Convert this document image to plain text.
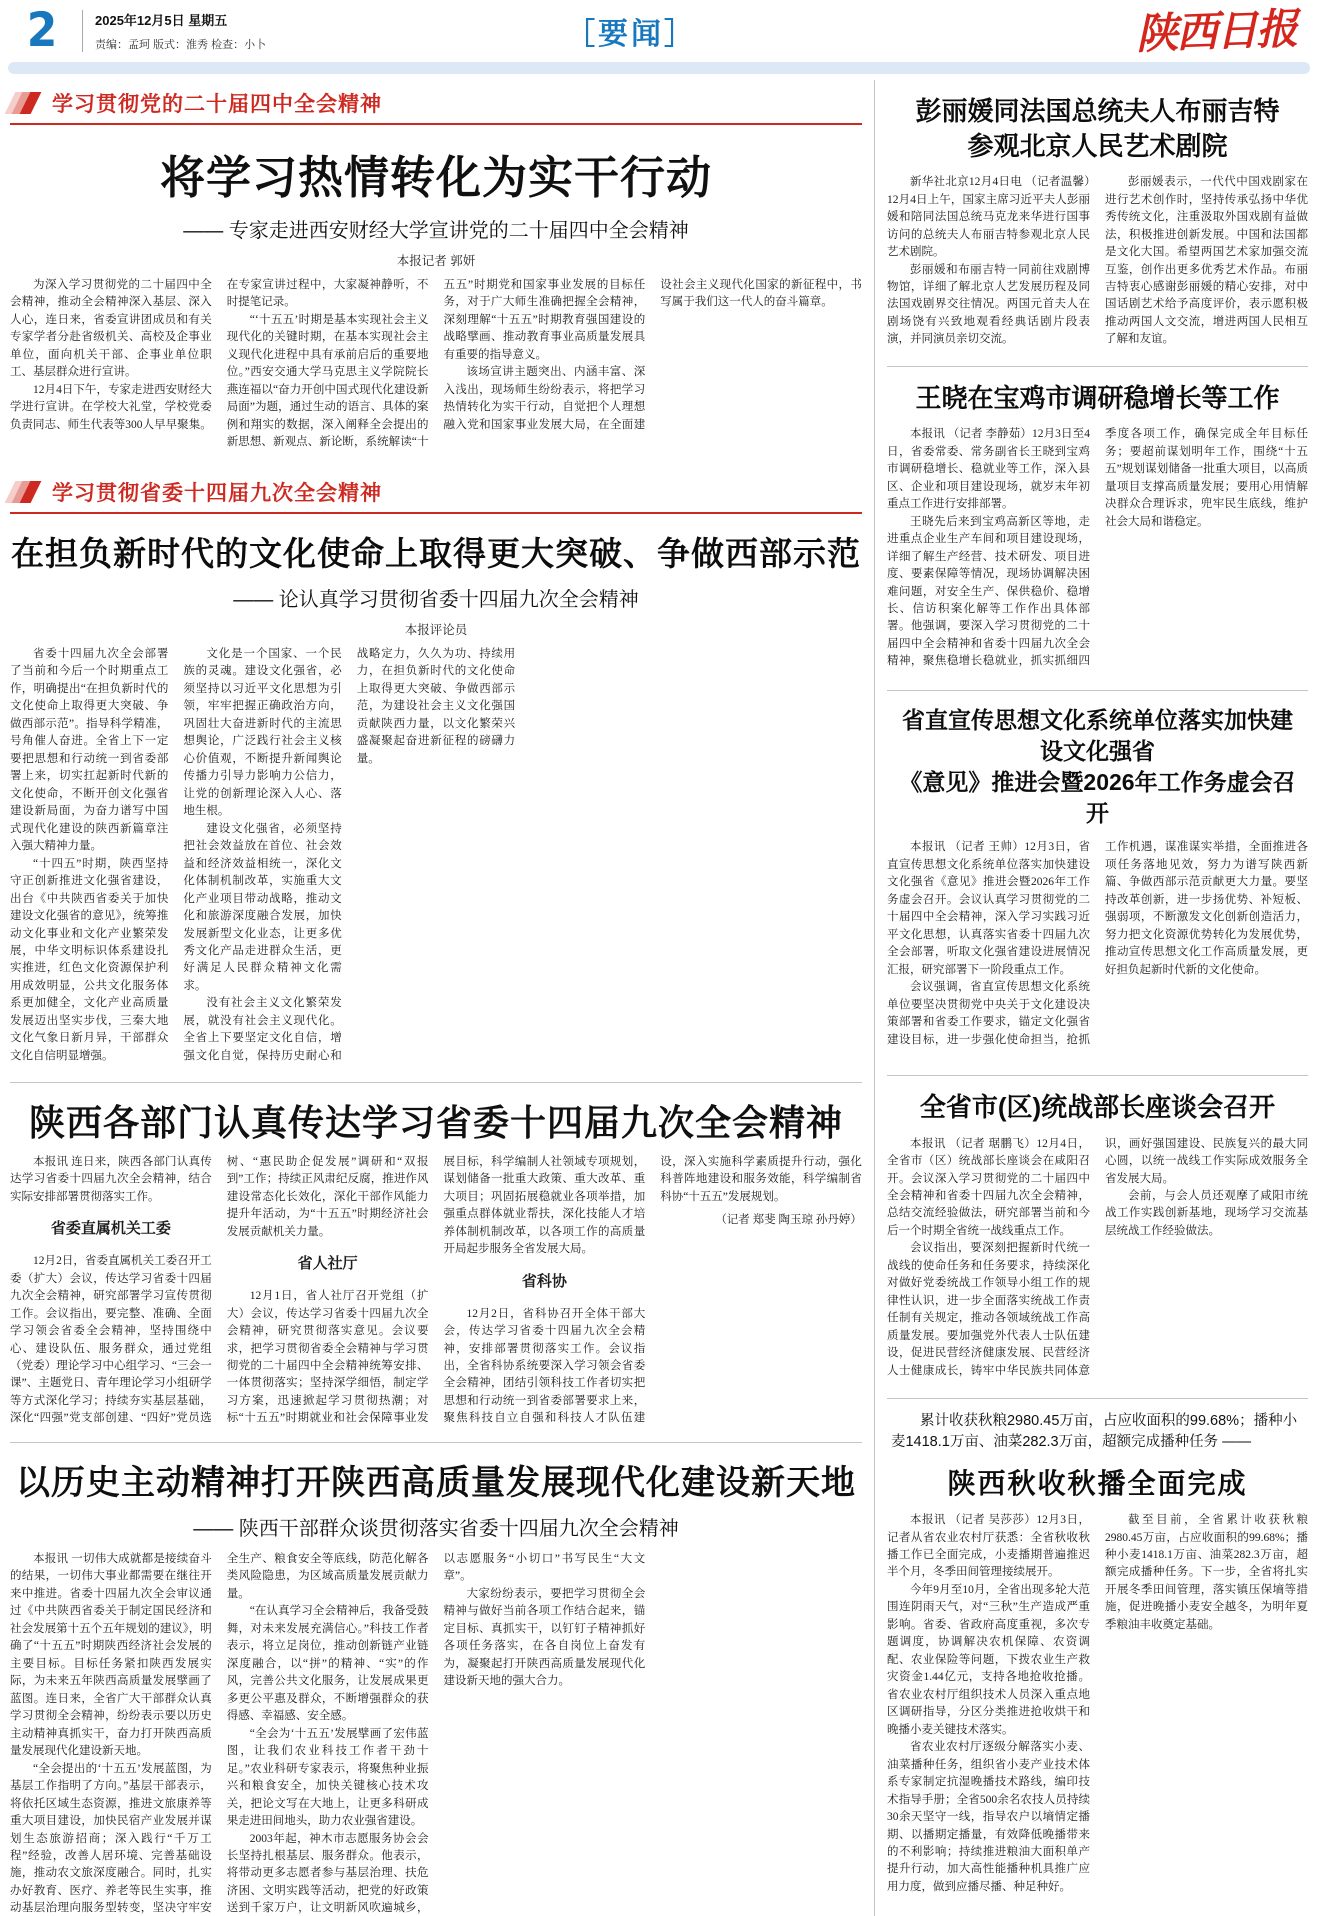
2	2025年12月5日 星期五
责编：孟珂 版式：淮秀 检查：小卜	［要闻］	陕西日报
学习贯彻党的二十届四中全会精神
将学习热情转化为实干行动
—— 专家走进西安财经大学宣讲党的二十届四中全会精神
本报记者 郭妍

为深入学习贯彻党的二十届四中全会精神，推动全会精神深入基层、深入人心，连日来，省委宣讲团成员和有关专家学者分赴省级机关、高校及企事业单位，面向机关干部、企事业单位职工、基层群众进行宣讲。

12月4日下午，专家走进西安财经大学进行宣讲。在学校大礼堂，学校党委负责同志、师生代表等300人早早聚集。在专家宣讲过程中，大家凝神静听，不时提笔记录。

“‘十五五’时期是基本实现社会主义现代化的关键时期，在基本实现社会主义现代化进程中具有承前启后的重要地位。”西安交通大学马克思主义学院院长燕连福以“奋力开创中国式现代化建设新局面”为题，通过生动的语言、具体的案例和翔实的数据，深入阐释全会提出的新思想、新观点、新论断，系统解读“十五五”时期党和国家事业发展的目标任务，对于广大师生准确把握全会精神，深刻理解“十五五”时期教育强国建设的战略擘画、推动教育事业高质量发展具有重要的指导意义。

该场宣讲主题突出、内涵丰富、深入浅出，现场师生纷纷表示，将把学习热情转化为实干行动，自觉把个人理想融入党和国家事业发展大局，在全面建设社会主义现代化国家的新征程中，书写属于我们这一代人的奋斗篇章。

学习贯彻省委十四届九次全会精神
在担负新时代的文化使命上取得更大突破、争做西部示范
—— 论认真学习贯彻省委十四届九次全会精神
本报评论员

省委十四届九次全会部署了当前和今后一个时期重点工作，明确提出“在担负新时代的文化使命上取得更大突破、争做西部示范”。指导科学精准，号角催人奋进。全省上下一定要把思想和行动统一到省委部署上来，切实扛起新时代新的文化使命，不断开创文化强省建设新局面，为奋力谱写中国式现代化建设的陕西新篇章注入强大精神力量。

“十四五”时期，陕西坚持守正创新推进文化强省建设，出台《中共陕西省委关于加快建设文化强省的意见》，统筹推动文化事业和文化产业繁荣发展，中华文明标识体系建设扎实推进，红色文化资源保护利用成效明显，公共文化服务体系更加健全，文化产业高质量发展迈出坚实步伐，三秦大地文化气象日新月异，干部群众文化自信明显增强。

文化是一个国家、一个民族的灵魂。建设文化强省，必须坚持以习近平文化思想为引领，牢牢把握正确政治方向，巩固壮大奋进新时代的主流思想舆论，广泛践行社会主义核心价值观，不断提升新闻舆论传播力引导力影响力公信力，让党的创新理论深入人心、落地生根。

建设文化强省，必须坚持把社会效益放在首位、社会效益和经济效益相统一，深化文化体制机制改革，实施重大文化产业项目带动战略，推动文化和旅游深度融合发展，加快发展新型文化业态，让更多优秀文化产品走进群众生活，更好满足人民群众精神文化需求。

没有社会主义文化繁荣发展，就没有社会主义现代化。全省上下要坚定文化自信，增强文化自觉，保持历史耐心和战略定力，久久为功、持续用力，在担负新时代的文化使命上取得更大突破、争做西部示范，为建设社会主义文化强国贡献陕西力量，以文化繁荣兴盛凝聚起奋进新征程的磅礴力量。

陕西各部门认真传达学习省委十四届九次全会精神

本报讯 连日来，陕西各部门认真传达学习省委十四届九次全会精神，结合实际安排部署贯彻落实工作。

省委直属机关工委

12月2日，省委直属机关工委召开工委（扩大）会议，传达学习省委十四届九次全会精神，研究部署学习宣传贯彻工作。会议指出，要完整、准确、全面学习领会省委全会精神，坚持围绕中心、建设队伍、服务群众，通过党组（党委）理论学习中心组学习、“三会一课”、主题党日、青年理论学习小组研学等方式深化学习；持续夯实基层基础，深化“四强”党支部创建、“四好”党员选树、“惠民助企促发展”调研和“双报到”工作；持续正风肃纪反腐，推进作风建设常态化长效化，深化干部作风能力提升年活动，为“十五五”时期经济社会发展贡献机关力量。

省人社厅

12月1日，省人社厅召开党组（扩大）会议，传达学习省委十四届九次全会精神，研究贯彻落实意见。会议要求，把学习贯彻省委全会精神与学习贯彻党的二十届四中全会精神统筹安排、一体贯彻落实；坚持深学细悟，制定学习方案，迅速掀起学习贯彻热潮；对标“十五五”时期就业和社会保障事业发展目标，科学编制人社领域专项规划，谋划储备一批重大政策、重大改革、重大项目；巩固拓展稳就业各项举措，加强重点群体就业帮扶，深化技能人才培养体制机制改革，以各项工作的高质量开局起步服务全省发展大局。

省科协

12月2日，省科协召开全体干部大会，传达学习省委十四届九次全会精神，安排部署贯彻落实工作。会议指出，全省科协系统要深入学习领会省委全会精神，团结引领科技工作者切实把思想和行动统一到省委部署要求上来，聚焦科技自立自强和科技人才队伍建设，深入实施科学素质提升行动，强化科普阵地建设和服务效能，科学编制省科协“十五五”发展规划。

（记者 郑斐 陶玉琼 孙丹婷）

以历史主动精神打开陕西高质量发展现代化建设新天地
—— 陕西干部群众谈贯彻落实省委十四届九次全会精神

本报讯 一切伟大成就都是接续奋斗的结果，一切伟大事业都需要在继往开来中推进。省委十四届九次全会审议通过《中共陕西省委关于制定国民经济和社会发展第十五个五年规划的建议》，明确了“十五五”时期陕西经济社会发展的主要目标。目标任务紧扣陕西发展实际，为未来五年陕西高质量发展擘画了蓝图。连日来，全省广大干部群众认真学习贯彻全会精神，纷纷表示要以历史主动精神真抓实干，奋力打开陕西高质量发展现代化建设新天地。

“全会提出的‘十五五’发展蓝图，为基层工作指明了方向。”基层干部表示，将依托区域生态资源，推进文旅康养等重大项目建设，加快民宿产业发展并谋划生态旅游招商；深入践行“千万工程”经验，改善人居环境、完善基础设施，推动农文旅深度融合。同时，扎实办好教育、医疗、养老等民生实事，推动基层治理向服务型转变，坚决守牢安全生产、粮食安全等底线，防范化解各类风险隐患，为区域高质量发展贡献力量。

“在认真学习全会精神后，我备受鼓舞，对未来发展充满信心。”科技工作者表示，将立足岗位，推动创新链产业链深度融合，以“拼”的精神、“实”的作风，完善公共文化服务，让发展成果更多更公平惠及群众，不断增强群众的获得感、幸福感、安全感。

“全会为‘十五五’发展擘画了宏伟蓝图，让我们农业科技工作者干劲十足。”农业科研专家表示，将聚焦种业振兴和粮食安全，加快关键核心技术攻关，把论文写在大地上，让更多科研成果走进田间地头，助力农业强省建设。

2003年起，神木市志愿服务协会会长坚持扎根基层、服务群众。他表示，将带动更多志愿者参与基层治理、扶危济困、文明实践等活动，把党的好政策送到千家万户，让文明新风吹遍城乡，以志愿服务“小切口”书写民生“大文章”。

大家纷纷表示，要把学习贯彻全会精神与做好当前各项工作结合起来，锚定目标、真抓实干，以钉钉子精神抓好各项任务落实，在各自岗位上奋发有为，凝聚起打开陕西高质量发展现代化建设新天地的强大合力。

彭丽媛同法国总统夫人布丽吉特
参观北京人民艺术剧院

新华社北京12月4日电 （记者温馨）12月4日上午，国家主席习近平夫人彭丽媛和陪同法国总统马克龙来华进行国事访问的总统夫人布丽吉特参观北京人民艺术剧院。

彭丽媛和布丽吉特一同前往戏剧博物馆，详细了解北京人艺发展历程及同法国戏剧界交往情况。两国元首夫人在剧场饶有兴致地观看经典话剧片段表演，并同演员亲切交流。

彭丽媛表示，一代代中国戏剧家在进行艺术创作时，坚持传承弘扬中华优秀传统文化，注重汲取外国戏剧有益做法，积极推进创新发展。中国和法国都是文化大国。希望两国艺术家加强交流互鉴，创作出更多优秀艺术作品。布丽吉特衷心感谢彭丽媛的精心安排，对中国话剧艺术给予高度评价，表示愿积极推动两国人文交流，增进两国人民相互了解和友谊。

王晓在宝鸡市调研稳增长等工作

本报讯 （记者 李静茹）12月3日至4日，省委常委、常务副省长王晓到宝鸡市调研稳增长、稳就业等工作，深入县区、企业和项目建设现场，就岁末年初重点工作进行安排部署。

王晓先后来到宝鸡高新区等地，走进重点企业生产车间和项目建设现场，详细了解生产经营、技术研发、项目进度、要素保障等情况，现场协调解决困难问题，对安全生产、保供稳价、稳增长、信访积案化解等工作作出具体部署。他强调，要深入学习贯彻党的二十届四中全会精神和省委十四届九次全会精神，聚焦稳增长稳就业，抓实抓细四季度各项工作，确保完成全年目标任务；要超前谋划明年工作，围绕“十五五”规划谋划储备一批重大项目，以高质量项目支撑高质量发展；要用心用情解决群众合理诉求，兜牢民生底线，维护社会大局和谐稳定。

省直宣传思想文化系统单位落实加快建设文化强省
《意见》推进会暨2026年工作务虚会召开

本报讯 （记者 王帅）12月3日，省直宣传思想文化系统单位落实加快建设文化强省《意见》推进会暨2026年工作务虚会召开。会议认真学习贯彻党的二十届四中全会精神，深入学习实践习近平文化思想，认真落实省委十四届九次全会部署，听取文化强省建设进展情况汇报，研究部署下一阶段重点工作。

会议强调，省直宣传思想文化系统单位要坚决贯彻党中央关于文化建设决策部署和省委工作要求，锚定文化强省建设目标，进一步强化使命担当，抢抓工作机遇，谋准谋实举措，全面推进各项任务落地见效，努力为谱写陕西新篇、争做西部示范贡献更大力量。要坚持改革创新，进一步扬优势、补短板、强弱项，不断激发文化创新创造活力，努力把文化资源优势转化为发展优势，推动宣传思想文化工作高质量发展，更好担负起新时代新的文化使命。

全省市(区)统战部长座谈会召开

本报讯 （记者 琚鹏飞）12月4日，全省市（区）统战部长座谈会在咸阳召开。会议深入学习贯彻党的二十届四中全会精神和省委十四届九次全会精神，总结交流经验做法，研究部署当前和今后一个时期全省统一战线重点工作。

会议指出，要深刻把握新时代统一战线的使命任务和任务要求，持续深化对做好党委统战工作领导小组工作的规律性认识，进一步全面落实统战工作责任制有关规定，推动各领域统战工作高质量发展。要加强党外代表人士队伍建设，促进民营经济健康发展、民营经济人士健康成长，铸牢中华民族共同体意识，画好强国建设、民族复兴的最大同心圆，以统一战线工作实际成效服务全省发展大局。

会前，与会人员还观摩了咸阳市统战工作实践创新基地，现场学习交流基层统战工作经验做法。

累计收获秋粮2980.45万亩，占应收面积的99.68%；播种小麦1418.1万亩、油菜282.3万亩，超额完成播种任务 ——
陕西秋收秋播全面完成

本报讯 （记者 吴莎莎）12月3日，记者从省农业农村厅获悉：全省秋收秋播工作已全面完成，小麦播期普遍推迟半个月，冬季田间管理接续展开。

今年9月至10月，全省出现多轮大范围连阴雨天气，对“三秋”生产造成严重影响。省委、省政府高度重视，多次专题调度，协调解决农机保障、农资调配、农业保险等问题，下拨农业生产救灾资金1.44亿元，支持各地抢收抢播。省农业农村厅组织技术人员深入重点地区调研指导，分区分类推进抢收烘干和晚播小麦关键技术落实。

省农业农村厅逐级分解落实小麦、油菜播种任务，组织省小麦产业技术体系专家制定抗湿晚播技术路线，编印技术指导手册；全省500余名农技人员持续30余天坚守一线，指导农户以墒情定播期、以播期定播量，有效降低晚播带来的不利影响；持续推进粮油大面积单产提升行动，加大高性能播种机具推广应用力度，做到应播尽播、种足种好。

截至目前，全省累计收获秋粮2980.45万亩，占应收面积的99.68%；播种小麦1418.1万亩、油菜282.3万亩，超额完成播种任务。下一步，全省将扎实开展冬季田间管理，落实镇压保墒等措施，促进晚播小麦安全越冬，为明年夏季粮油丰收奠定基础。
